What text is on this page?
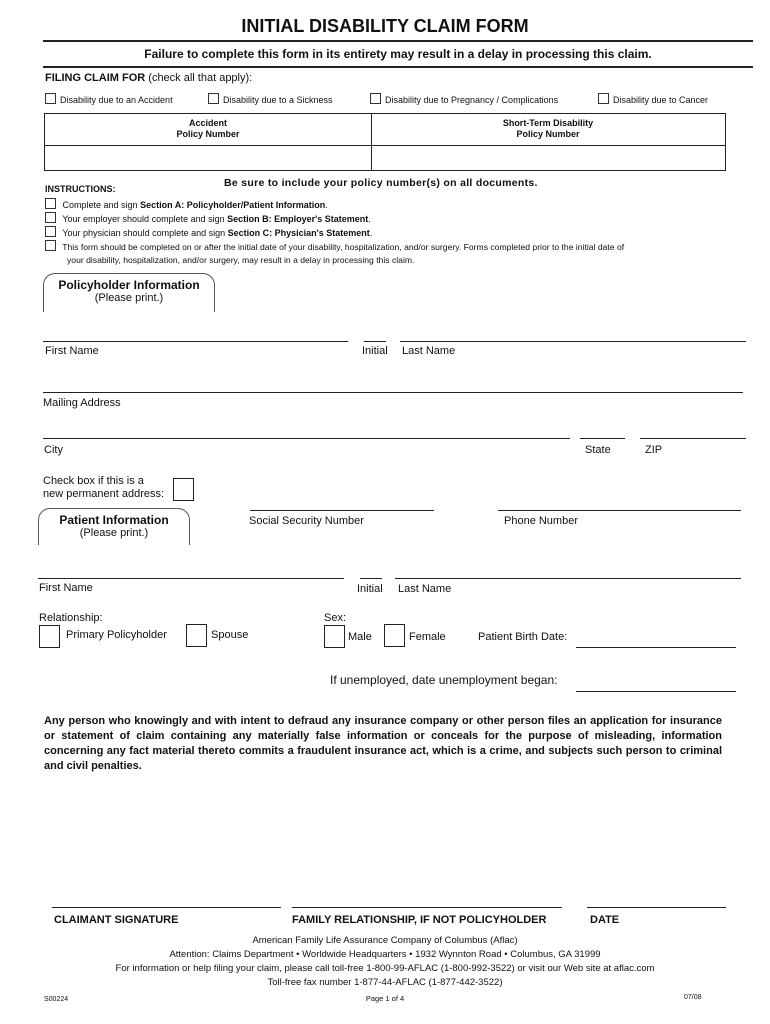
INITIAL DISABILITY CLAIM FORM
Failure to complete this form in its entirety may result in a delay in processing this claim.
FILING CLAIM FOR (check all that apply):
Disability due to an Accident	Disability due to a Sickness	Disability due to Pregnancy / Complications	Disability due to Cancer
Accident
Policy Number
Short-Term Disability
Policy Number
Be sure to include your policy number(s) on all documents.
INSTRUCTIONS:
Complete and sign Section A: Policyholder/Patient Information.
Your employer should complete and sign Section B: Employer's Statement.
Your physician should complete and sign Section C: Physician's Statement.
This form should be completed on or after the initial date of your disability, hospitalization, and/or surgery. Forms completed prior to the initial date of
your disability, hospitalization, and/or surgery, may result in a delay in processing this claim.
Policyholder Information
(Please print.)
First Name	Initial Last Name
Mailing Address
City	State	ZIP
Check box if this is a
new permanent address:
Patient Information
(Please print.)
Social Security Number	Phone Number
First Name	Initial Last Name
Relationship:
Primary Policyholder	Spouse
Sex:
Male	Female	Patient Birth Date:
If unemployed, date unemployment began:
Any person who knowingly and with intent to defraud any insurance company or other person files an application for insurance or statement of claim containing any materially false information or conceals for the purpose of misleading, information concerning any fact material thereto commits a fraudulent insurance act, which is a crime, and subjects such person to criminal and civil penalties.
CLAIMANT SIGNATURE	FAMILY RELATIONSHIP, IF NOT POLICYHOLDER	DATE
American Family Life Assurance Company of Columbus (Aflac)
Attention: Claims Department • Worldwide Headquarters • 1932 Wynnton Road • Columbus, GA 31999
For information or help filing your claim, please call toll-free 1-800-99-AFLAC (1-800-992-3522) or visit our Web site at aflac.com
Toll-free fax number 1-877-44-AFLAC (1-877-442-3522)
S00224	Page 1 of 4	07/08
